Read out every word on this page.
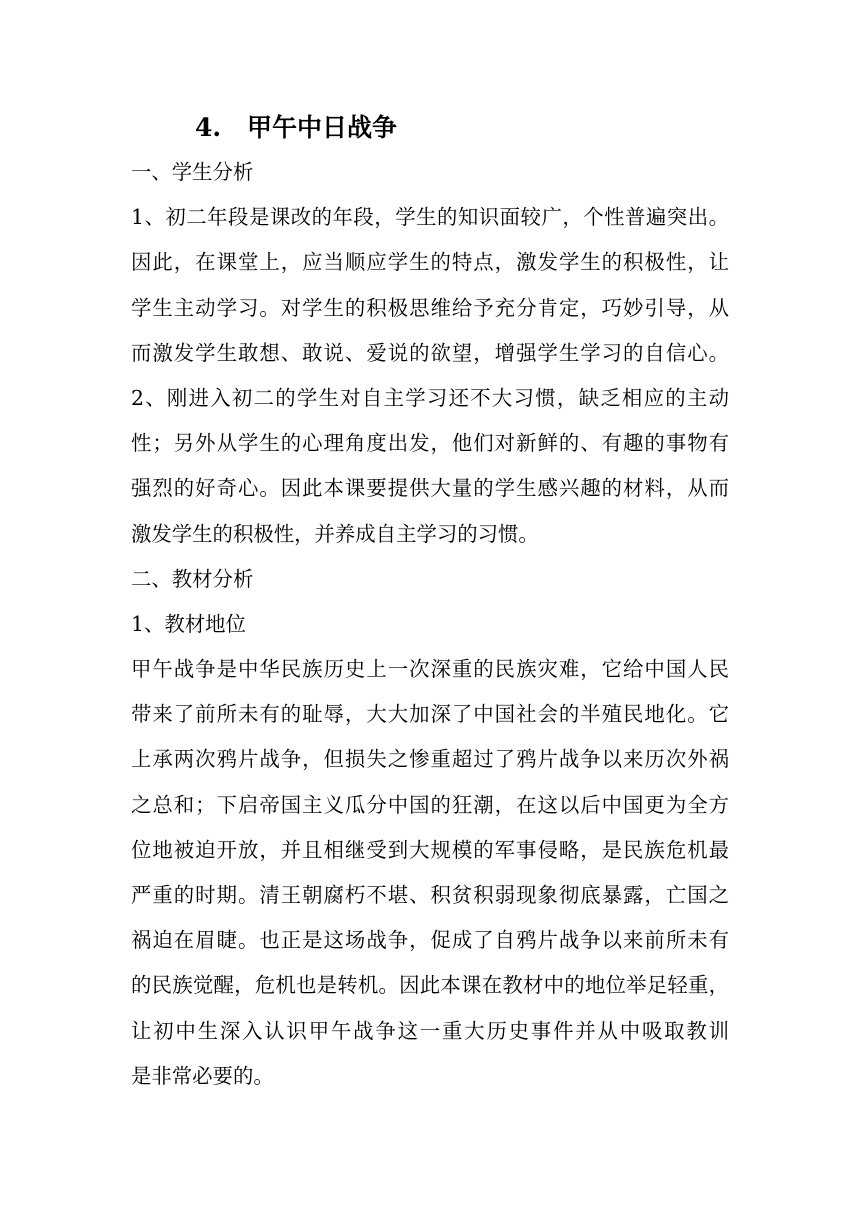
4. 甲午中日战争
一、学生分析
1、初二年段是课改的年段，学生的知识面较广，个性普遍突出。
因此，在课堂上，应当顺应学生的特点，激发学生的积极性，让
学生主动学习。对学生的积极思维给予充分肯定，巧妙引导，从
而激发学生敢想、敢说、爱说的欲望，增强学生学习的自信心。
2、刚进入初二的学生对自主学习还不大习惯，缺乏相应的主动
性；另外从学生的心理角度出发，他们对新鲜的、有趣的事物有
强烈的好奇心。因此本课要提供大量的学生感兴趣的材料，从而
激发学生的积极性，并养成自主学习的习惯。
二、教材分析
1、教材地位
甲午战争是中华民族历史上一次深重的民族灾难，它给中国人民
带来了前所未有的耻辱，大大加深了中国社会的半殖民地化。它
上承两次鸦片战争，但损失之惨重超过了鸦片战争以来历次外祸
之总和；下启帝国主义瓜分中国的狂潮，在这以后中国更为全方
位地被迫开放，并且相继受到大规模的军事侵略，是民族危机最
严重的时期。清王朝腐朽不堪、积贫积弱现象彻底暴露，亡国之
祸迫在眉睫。也正是这场战争，促成了自鸦片战争以来前所未有
的民族觉醒，危机也是转机。因此本课在教材中的地位举足轻重，
让初中生深入认识甲午战争这一重大历史事件并从中吸取教训
是非常必要的。
